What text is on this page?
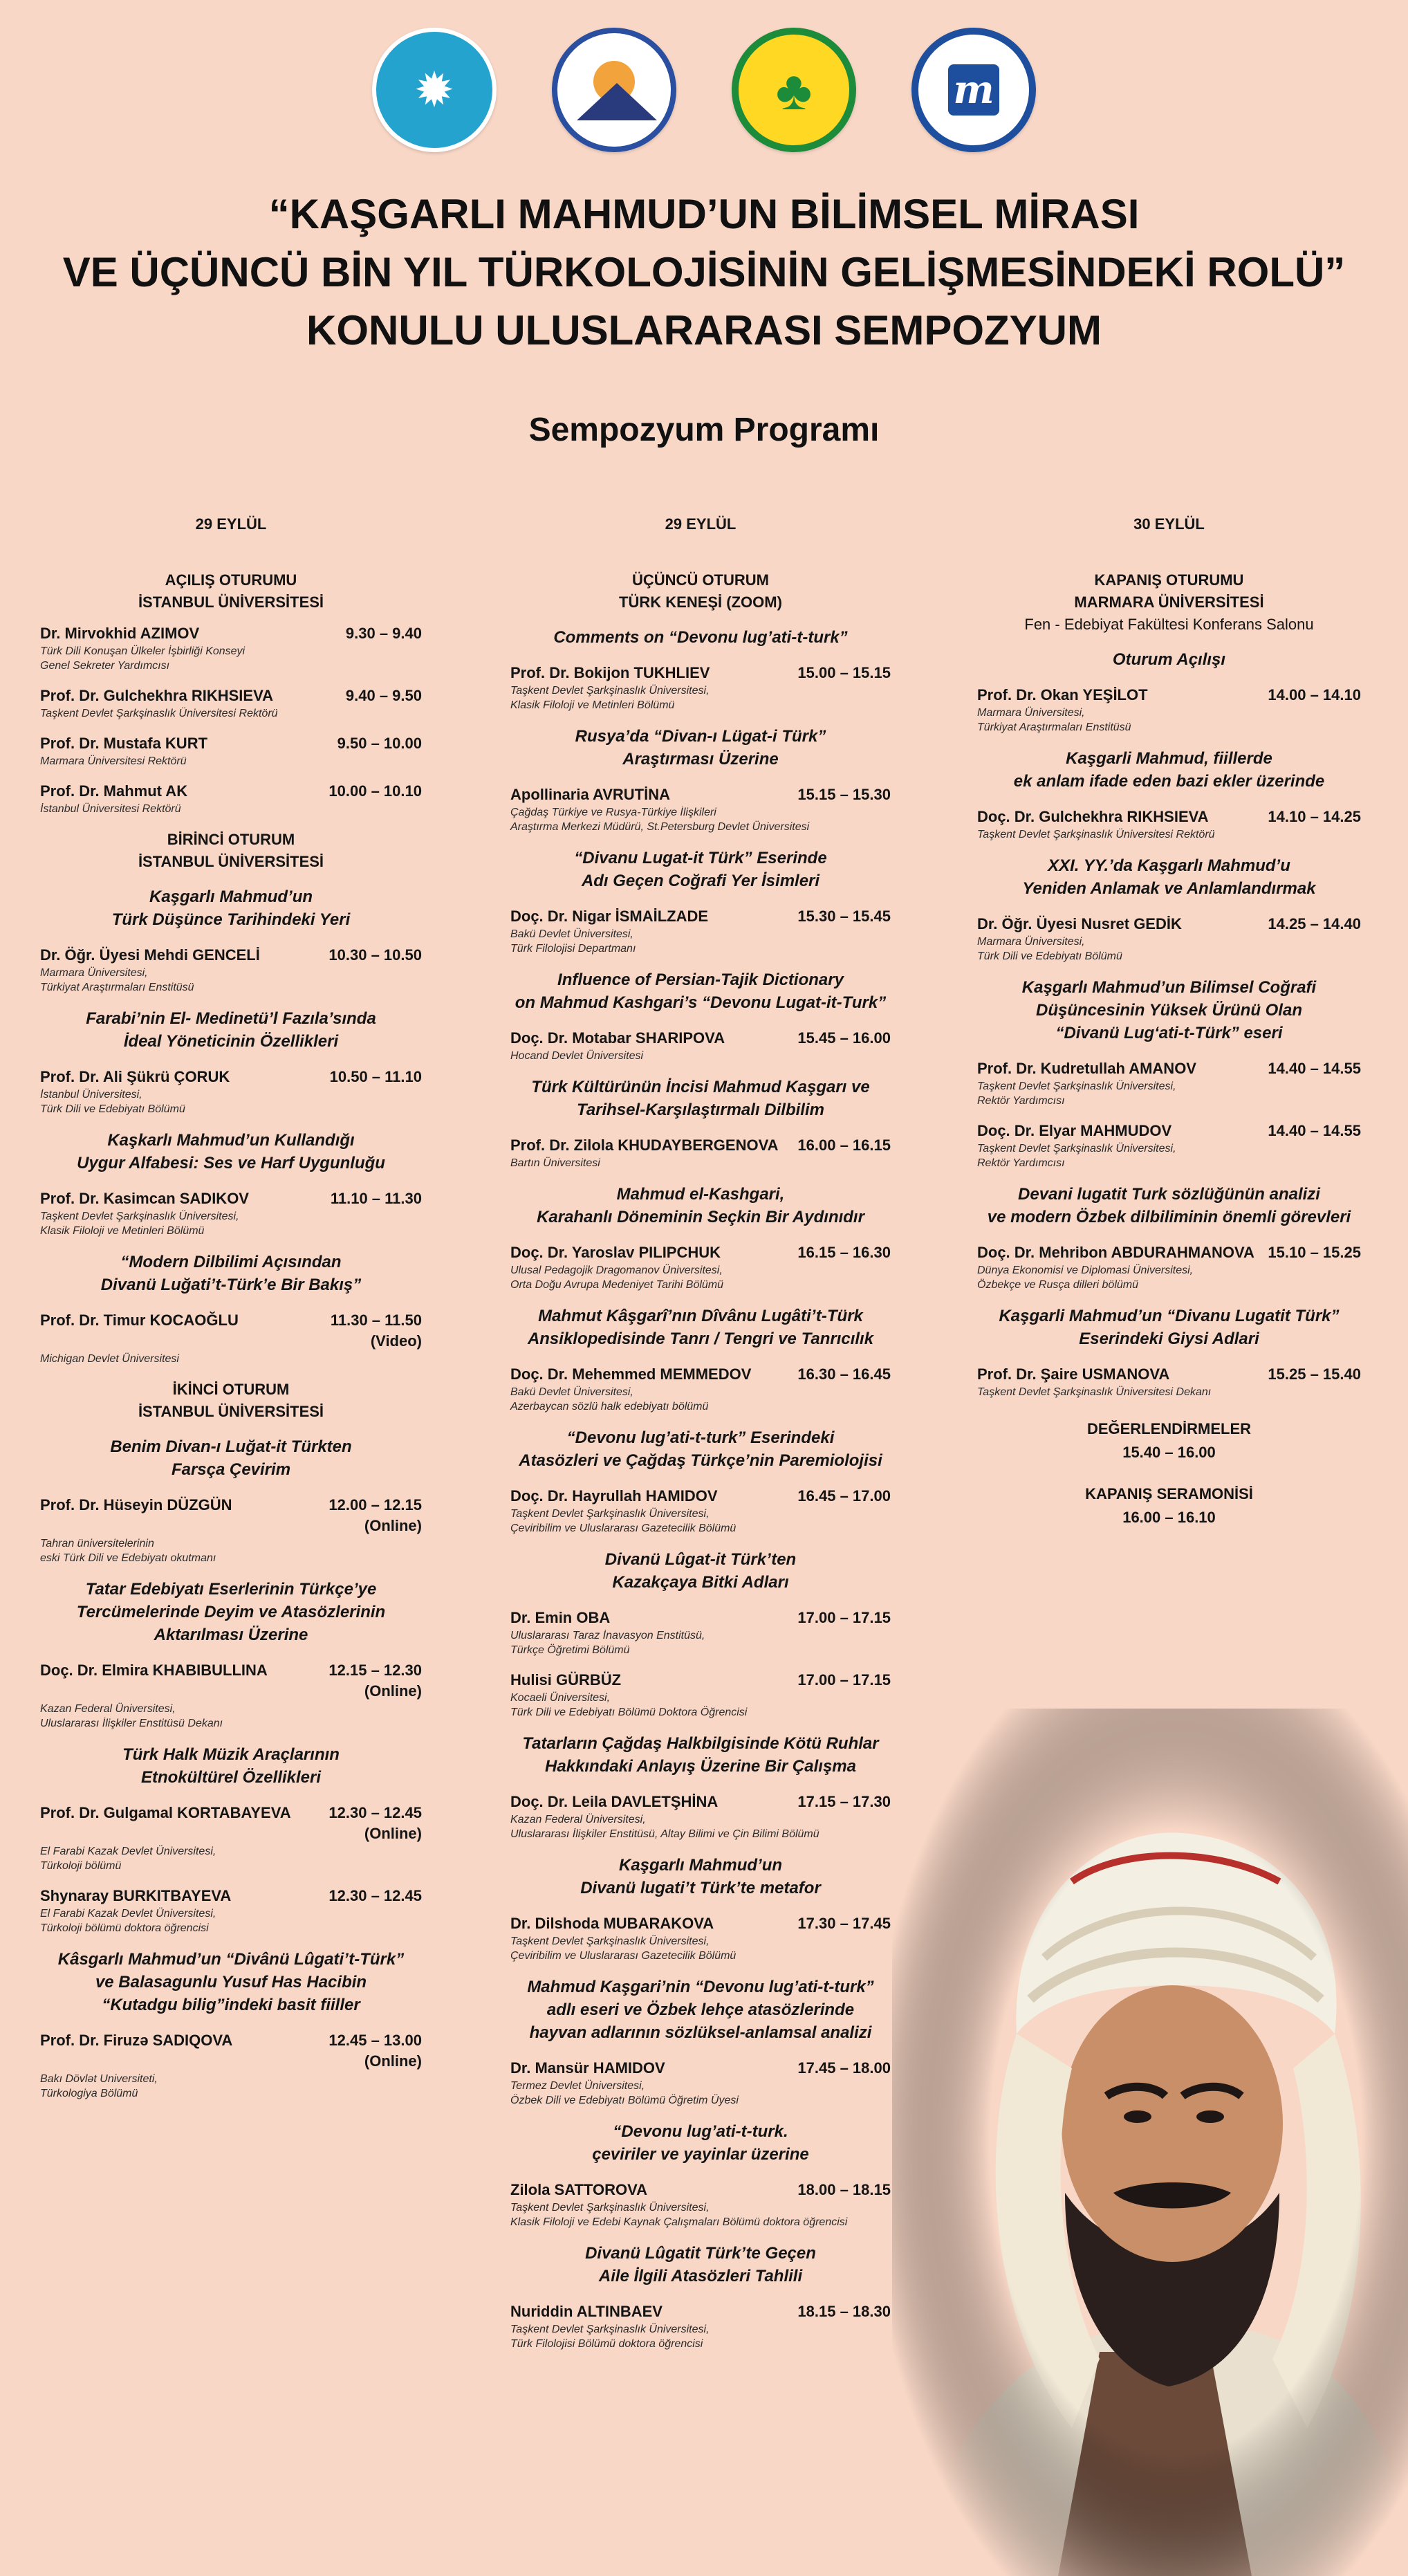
✹	♣	m
“KAŞGARLI MAHMUD’UN BİLİMSEL MİRASI
VE ÜÇÜNCÜ BİN YIL TÜRKOLOJİSİNİN GELİŞMESİNDEKİ ROLÜ”
KONULU ULUSLARARASI SEMPOZYUM
Sempozyum Programı
29 EYLÜL
AÇILIŞ OTURUMU
İSTANBUL ÜNİVERSİTESİ
Dr. Mirvokhid AZIMOV	9.30 – 9.40
Türk Dili Konuşan Ülkeler İşbirliği Konseyi
Genel Sekreter Yardımcısı
Prof. Dr. Gulchekhra RIKHSIEVA	9.40 – 9.50
Taşkent Devlet Şarkşinaslık Üniversitesi Rektörü
Prof. Dr. Mustafa KURT	9.50 – 10.00
Marmara Üniversitesi Rektörü
Prof. Dr. Mahmut AK	10.00 – 10.10
İstanbul Üniversitesi Rektörü
BİRİNCİ OTURUM
İSTANBUL ÜNİVERSİTESİ
Kaşgarlı Mahmud’un
Türk Düşünce Tarihindeki Yeri
Dr. Öğr. Üyesi Mehdi GENCELİ	10.30 – 10.50
Marmara Üniversitesi,
Türkiyat Araştırmaları Enstitüsü
Farabi’nin El- Medinetü’l Fazıla’sında
İdeal Yöneticinin Özellikleri
Prof. Dr. Ali Şükrü ÇORUK	10.50 – 11.10
İstanbul Üniversitesi,
Türk Dili ve Edebiyatı Bölümü
Kaşkarlı Mahmud’un Kullandığı
Uygur Alfabesi: Ses ve Harf Uygunluğu
Prof. Dr. Kasimcan SADIKOV	11.10 – 11.30
Taşkent Devlet Şarkşinaslık Üniversitesi,
Klasik Filoloji ve Metinleri Bölümü
“Modern Dilbilimi Açısından
Divanü Luğati’t-Türk’e Bir Bakış”
Prof. Dr. Timur KOCAOĞLU	11.30 – 11.50
(Video)
Michigan Devlet Üniversitesi
İKİNCİ OTURUM
İSTANBUL ÜNİVERSİTESİ
Benim Divan-ı Luğat-it Türkten
Farsça Çevirim
Prof. Dr. Hüseyin DÜZGÜN	12.00 – 12.15
(Online)
Tahran üniversitelerinin
eski Türk Dili ve Edebiyatı okutmanı
Tatar Edebiyatı Eserlerinin Türkçe’ye
Tercümelerinde Deyim ve Atasözlerinin
Aktarılması Üzerine
Doç. Dr. Elmira KHABIBULLINA	12.15 – 12.30
(Online)
Kazan Federal Üniversitesi,
Uluslararası İlişkiler Enstitüsü Dekanı
Türk Halk Müzik Araçlarının
Etnokültürel Özellikleri
Prof. Dr. Gulgamal KORTABAYEVA 12.30 – 12.45
(Online)
El Farabi Kazak Devlet Üniversitesi,
Türkoloji bölümü
Shynaray BURKITBAYEVA	12.30 – 12.45
El Farabi Kazak Devlet Üniversitesi,
Türkoloji bölümü doktora öğrencisi
Kâsgarlı Mahmud’un “Divânü Lûgati’t-Türk”
ve Balasagunlu Yusuf Has Hacibin
“Kutadgu bilig”indeki basit fiiller
Prof. Dr. Firuzə SADIQOVA	12.45 – 13.00
(Online)
Bakı Dövlət Universiteti,
Türkologiya Bölümü
29 EYLÜL
ÜÇÜNCÜ OTURUM
TÜRK KENEŞİ (ZOOM)
Comments on “Devonu lug’ati-t-turk”
Prof. Dr. Bokijon TUKHLIEV	15.00 – 15.15
Taşkent Devlet Şarkşinaslık Üniversitesi,
Klasik Filoloji ve Metinleri Bölümü
Rusya’da “Divan-ı Lügat-i Türk”
Araştırması Üzerine
Apollinaria AVRUTİNA	15.15 – 15.30
Çağdaş Türkiye ve Rusya-Türkiye İlişkileri
Araştırma Merkezi Müdürü, St.Petersburg Devlet Üniversitesi
“Divanu Lugat-it Türk” Eserinde
Adı Geçen Coğrafi Yer İsimleri
Doç. Dr. Nigar İSMAİLZADE	15.30 – 15.45
Bakü Devlet Üniversitesi,
Türk Filolojisi Departmanı
Influence of Persian-Tajik Dictionary
on Mahmud Kashgari’s “Devonu Lugat-it-Turk”
Doç. Dr. Motabar SHARIPOVA	15.45 – 16.00
Hocand Devlet Üniversitesi
Türk Kültürünün İncisi Mahmud Kaşgarı ve
Tarihsel-Karşılaştırmalı Dilbilim
Prof. Dr. Zilola KHUDAYBERGENOVA 16.00 – 16.15
Bartın Üniversitesi
Mahmud el-Kashgari,
Karahanlı Döneminin Seçkin Bir Aydınıdır
Doç. Dr. Yaroslav PILIPCHUK	16.15 – 16.30
Ulusal Pedagojik Dragomanov Üniversitesi,
Orta Doğu Avrupa Medeniyet Tarihi Bölümü
Mahmut Kâşgarî’nın Dîvânu Lugâti’t-Türk
Ansiklopedisinde Tanrı / Tengri ve Tanrıcılık
Doç. Dr. Mehemmed MEMMEDOV	16.30 – 16.45
Bakü Devlet Üniversitesi,
Azerbaycan sözlü halk edebiyatı bölümü
“Devonu lug’ati-t-turk” Eserindeki
Atasözleri ve Çağdaş Türkçe’nin Paremiolojisi
Doç. Dr. Hayrullah HAMIDOV	16.45 – 17.00
Taşkent Devlet Şarkşinaslık Üniversitesi,
Çeviribilim ve Uluslararası Gazetecilik Bölümü
Divanü Lûgat-it Türk’ten
Kazakçaya Bitki Adları
Dr. Emin OBA	17.00 – 17.15
Uluslararası Taraz İnavasyon Enstitüsü,
Türkçe Öğretimi Bölümü
Hulisi GÜRBÜZ	17.00 – 17.15
Kocaeli Üniversitesi,
Türk Dili ve Edebiyatı Bölümü Doktora Öğrencisi
Tatarların Çağdaş Halkbilgisinde Kötü Ruhlar
Hakkındaki Anlayış Üzerine Bir Çalışma
Doç. Dr. Leila DAVLETŞHİNA	17.15 – 17.30
Kazan Federal Üniversitesi,
Uluslararası İlişkiler Enstitüsü, Altay Bilimi ve Çin Bilimi Bölümü
Kaşgarlı Mahmud’un
Divanü lugati’t Türk’te metafor
Dr. Dilshoda MUBARAKOVA	17.30 – 17.45
Taşkent Devlet Şarkşinaslık Üniversitesi,
Çeviribilim ve Uluslararası Gazetecilik Bölümü
Mahmud Kaşgari’nin “Devonu lug’ati-t-turk”
adlı eseri ve Özbek lehçe atasözlerinde
hayvan adlarının sözlüksel-anlamsal analizi
Dr. Mansür HAMIDOV	17.45 – 18.00
Termez Devlet Üniversitesi,
Özbek Dili ve Edebiyatı Bölümü Öğretim Üyesi
“Devonu lug’ati-t-turk.
çeviriler ve yayinlar üzerine
Zilola SATTOROVA	18.00 – 18.15
Taşkent Devlet Şarkşinaslık Üniversitesi,
Klasik Filoloji ve Edebi Kaynak Çalışmaları Bölümü doktora öğrencisi
Divanü Lûgatit Türk’te Geçen
Aile İlgili Atasözleri Tahlili
Nuriddin ALTINBAEV	18.15 – 18.30
Taşkent Devlet Şarkşinaslık Üniversitesi,
Türk Filolojisi Bölümü doktora öğrencisi
30 EYLÜL
KAPANIŞ OTURUMU
MARMARA ÜNİVERSİTESİ
Fen - Edebiyat Fakültesi Konferans Salonu
Oturum Açılışı
Prof. Dr. Okan YEŞİLOT	14.00 – 14.10
Marmara Üniversitesi,
Türkiyat Araştırmaları Enstitüsü
Kaşgarli Mahmud, fiillerde
ek anlam ifade eden bazi ekler üzerinde
Doç. Dr. Gulchekhra RIKHSIEVA	14.10 – 14.25
Taşkent Devlet Şarkşinaslık Üniversitesi Rektörü
XXI. YY.’da Kaşgarlı Mahmud’u
Yeniden Anlamak ve Anlamlandırmak
Dr. Öğr. Üyesi Nusret GEDİK	14.25 – 14.40
Marmara Üniversitesi,
Türk Dili ve Edebiyatı Bölümü
Kaşgarlı Mahmud’un Bilimsel Coğrafi
Düşüncesinin Yüksek Ürünü Olan
“Divanü Lug‘ati-t-Türk” eseri
Prof. Dr. Kudretullah AMANOV	14.40 – 14.55
Taşkent Devlet Şarkşinaslık Üniversitesi,
Rektör Yardımcısı
Doç. Dr. Elyar MAHMUDOV	14.40 – 14.55
Taşkent Devlet Şarkşinaslık Üniversitesi,
Rektör Yardımcısı
Devani lugatit Turk sözlüğünün analizi
ve modern Özbek dilbiliminin önemli görevleri
Doç. Dr. Mehribon ABDURAHMANOVA 15.10 – 15.25
Dünya Ekonomisi ve Diplomasi Üniversitesi,
Özbekçe ve Rusça dilleri bölümü
Kaşgarli Mahmud’un “Divanu Lugatit Türk”
Eserindeki Giysi Adlari
Prof. Dr. Şaire USMANOVA	15.25 – 15.40
Taşkent Devlet Şarkşinaslık Üniversitesi Dekanı
DEĞERLENDİRMELER
15.40 – 16.00
KAPANIŞ SERAMONİSİ
16.00 – 16.10
